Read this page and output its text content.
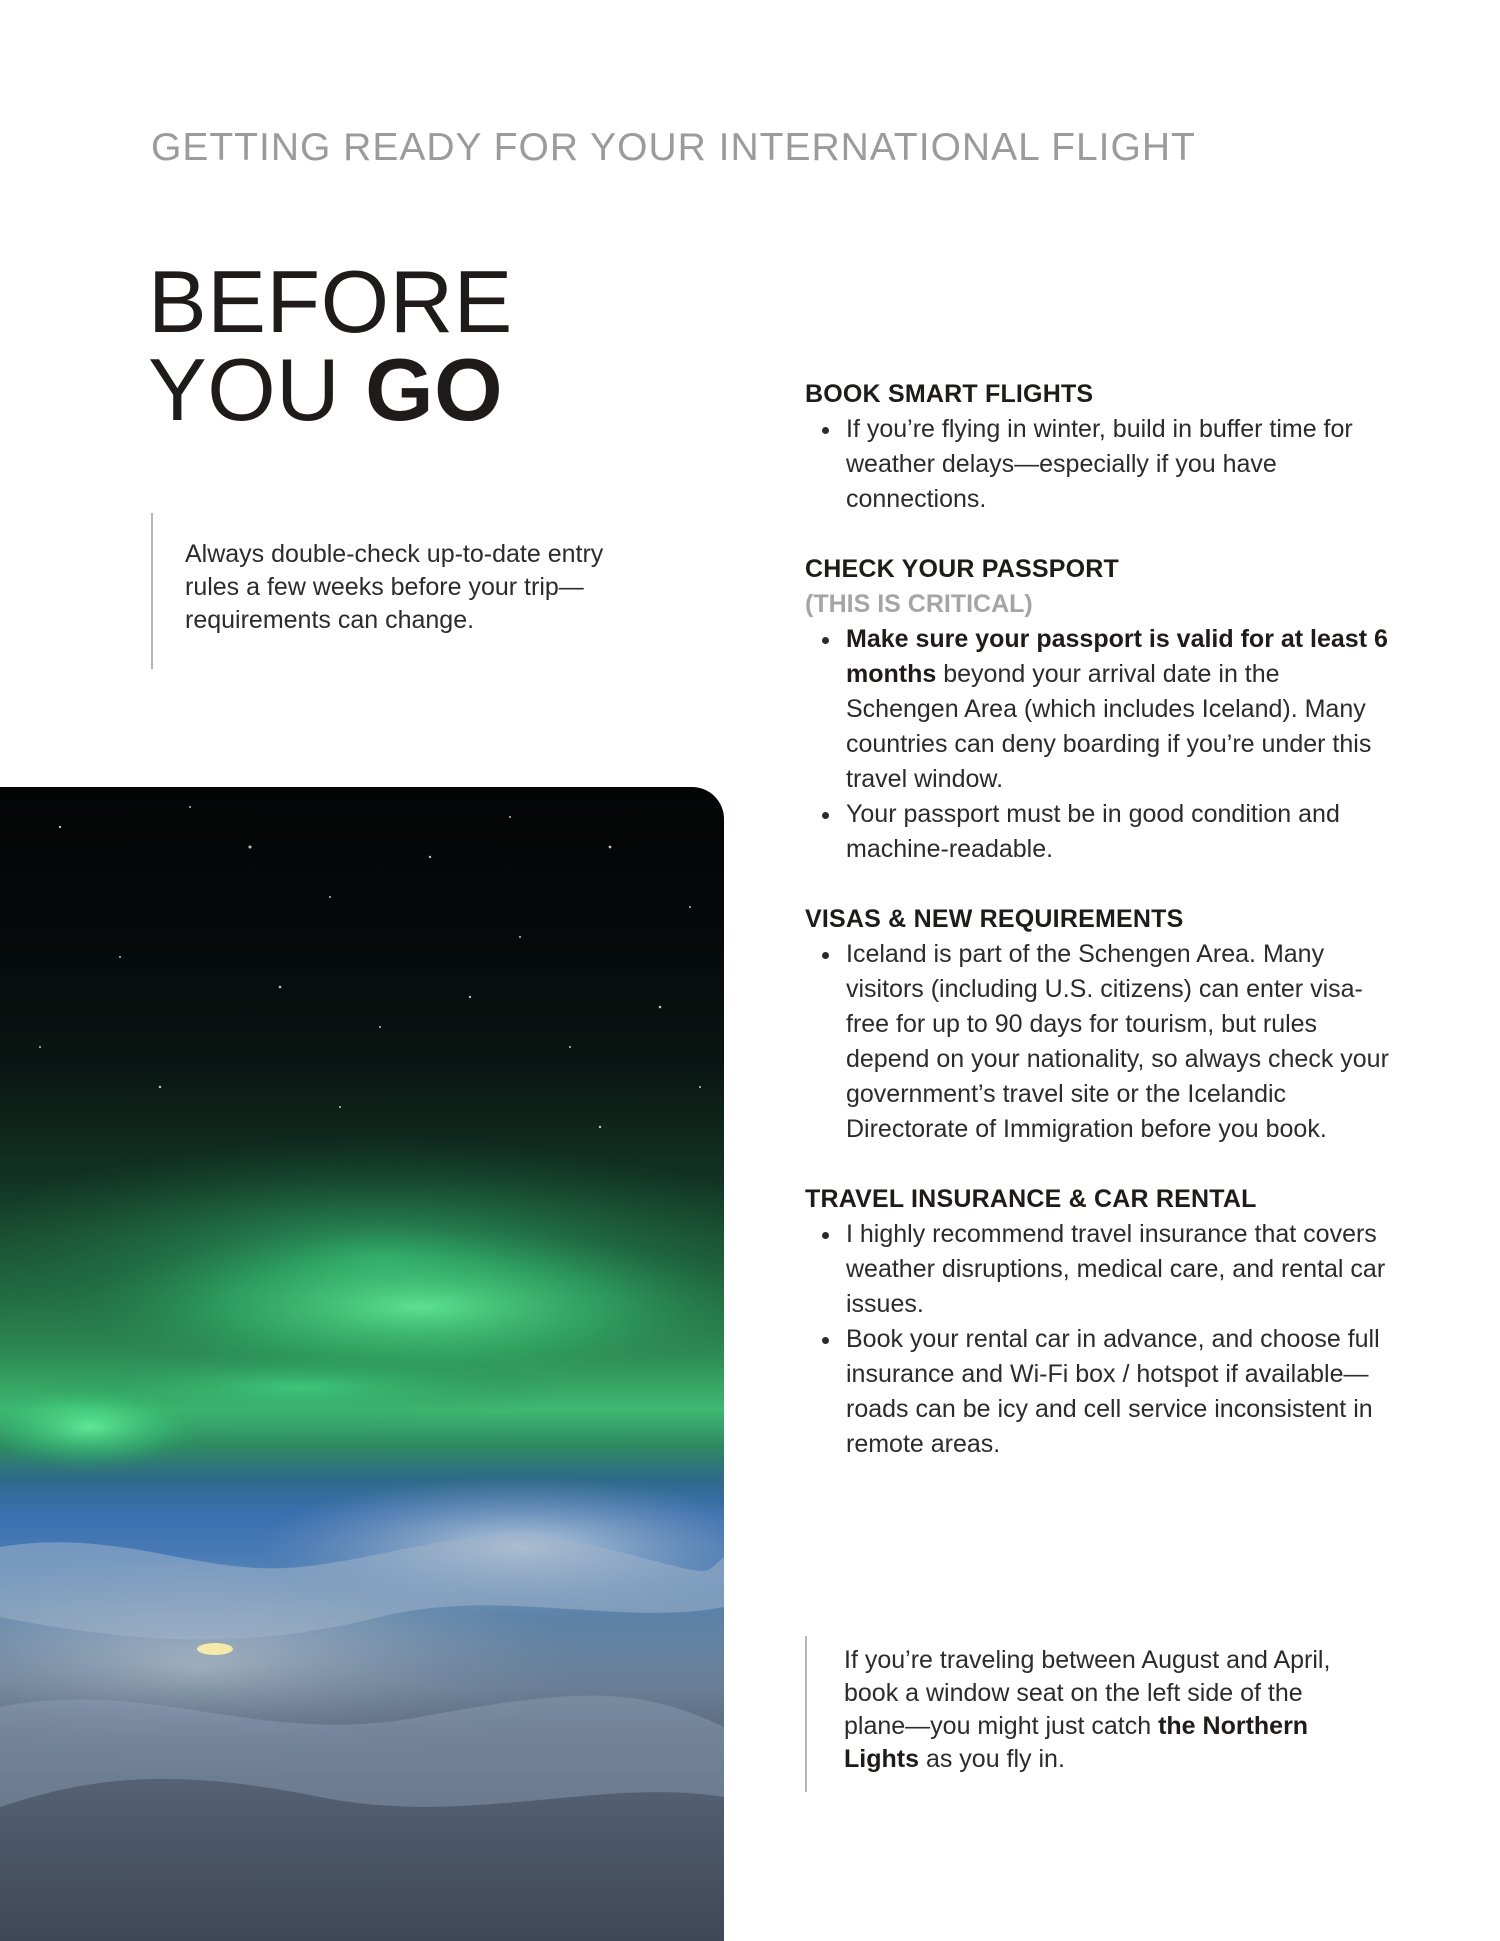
GETTING READY FOR YOUR INTERNATIONAL FLIGHT
BEFORE
YOU GO
Always double-check up-to-date entry rules a few weeks before your trip—requirements can change.
BOOK SMART FLIGHTS
If you’re flying in winter, build in buffer time for weather delays—especially if you have connections.
CHECK YOUR PASSPORT

(THIS IS CRITICAL)

Make sure your passport is valid for at least 6 months beyond your arrival date in the Schengen Area (which includes Iceland). Many countries can deny boarding if you’re under this travel window.
Your passport must be in good condition and machine-readable.
VISAS & NEW REQUIREMENTS
Iceland is part of the Schengen Area. Many visitors (including U.S. citizens) can enter visa-free for up to 90 days for tourism, but rules depend on your nationality, so always check your government’s travel site or the Icelandic Directorate of Immigration before you book.
TRAVEL INSURANCE & CAR RENTAL
I highly recommend travel insurance that covers weather disruptions, medical care, and rental car issues.
Book your rental car in advance, and choose full insurance and Wi-Fi box / hotspot if available—roads can be icy and cell service inconsistent in remote areas.
If you’re traveling between August and April, book a window seat on the left side of the plane—you might just catch the Northern Lights as you fly in.
